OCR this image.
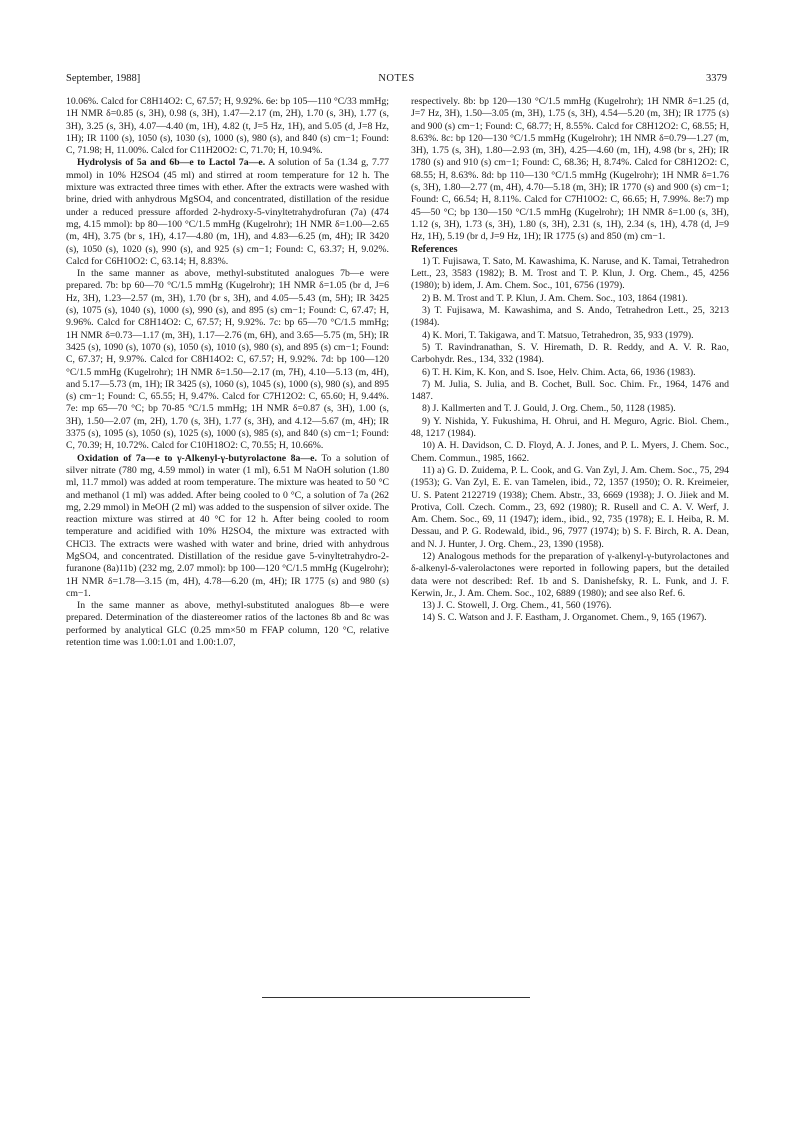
September, 1988]	NOTES	3379

10.06%. Calcd for C8H14O2: C, 67.57; H, 9.92%. 6e: bp 105—110 °C/33 mmHg; 1H NMR δ=0.85 (s, 3H), 0.98 (s, 3H), 1.47—2.17 (m, 2H), 1.70 (s, 3H), 1.77 (s, 3H), 3.25 (s, 3H), 4.07—4.40 (m, 1H), 4.82 (t, J=5 Hz, 1H), and 5.05 (d, J=8 Hz, 1H); IR 1100 (s), 1050 (s), 1030 (s), 1000 (s), 980 (s), and 840 (s) cm−1; Found: C, 71.98; H, 11.00%. Calcd for C11H20O2: C, 71.70; H, 10.94%.

Hydrolysis of 5a and 6b—e to Lactol 7a—e. A solution of 5a (1.34 g, 7.77 mmol) in 10% H2SO4 (45 ml) and stirred at room temperature for 12 h. The mixture was extracted three times with ether. After the extracts were washed with brine, dried with anhydrous MgSO4, and concentrated, distillation of the residue under a reduced pressure afforded 2-hydroxy-5-vinyltetrahydrofuran (7a) (474 mg, 4.15 mmol): bp 80—100 °C/1.5 mmHg (Kugelrohr); 1H NMR δ=1.00—2.65 (m, 4H), 3.75 (br s, 1H), 4.17—4.80 (m, 1H), and 4.83—6.25 (m, 4H); IR 3420 (s), 1050 (s), 1020 (s), 990 (s), and 925 (s) cm−1; Found: C, 63.37; H, 9.02%. Calcd for C6H10O2: C, 63.14; H, 8.83%.

In the same manner as above, methyl-substituted analogues 7b—e were prepared. 7b: bp 60—70 °C/1.5 mmHg (Kugelrohr); 1H NMR δ=1.05 (br d, J=6 Hz, 3H), 1.23—2.57 (m, 3H), 1.70 (br s, 3H), and 4.05—5.43 (m, 5H); IR 3425 (s), 1075 (s), 1040 (s), 1000 (s), 990 (s), and 895 (s) cm−1; Found: C, 67.47; H, 9.96%. Calcd for C8H14O2: C, 67.57; H, 9.92%. 7c: bp 65—70 °C/1.5 mmHg; 1H NMR δ=0.73—1.17 (m, 3H), 1.17—2.76 (m, 6H), and 3.65—5.75 (m, 5H); IR 3425 (s), 1090 (s), 1070 (s), 1050 (s), 1010 (s), 980 (s), and 895 (s) cm−1; Found: C, 67.37; H, 9.97%. Calcd for C8H14O2: C, 67.57; H, 9.92%. 7d: bp 100—120 °C/1.5 mmHg (Kugelrohr); 1H NMR δ=1.50—2.17 (m, 7H), 4.10—5.13 (m, 4H), and 5.17—5.73 (m, 1H); IR 3425 (s), 1060 (s), 1045 (s), 1000 (s), 980 (s), and 895 (s) cm−1; Found: C, 65.55; H, 9.47%. Calcd for C7H12O2: C, 65.60; H, 9.44%. 7e: mp 65—70 °C; bp 70-85 °C/1.5 mmHg; 1H NMR δ=0.87 (s, 3H), 1.00 (s, 3H), 1.50—2.07 (m, 2H), 1.70 (s, 3H), 1.77 (s, 3H), and 4.12—5.67 (m, 4H); IR 3375 (s), 1095 (s), 1050 (s), 1025 (s), 1000 (s), 985 (s), and 840 (s) cm−1; Found: C, 70.39; H, 10.72%. Calcd for C10H18O2: C, 70.55; H, 10.66%.

Oxidation of 7a—e to γ-Alkenyl-γ-butyrolactone 8a—e. To a solution of silver nitrate (780 mg, 4.59 mmol) in water (1 ml), 6.51 M NaOH solution (1.80 ml, 11.7 mmol) was added at room temperature. The mixture was heated to 50 °C and methanol (1 ml) was added. After being cooled to 0 °C, a solution of 7a (262 mg, 2.29 mmol) in MeOH (2 ml) was added to the suspension of silver oxide. The reaction mixture was stirred at 40 °C for 12 h. After being cooled to room temperature and acidified with 10% H2SO4, the mixture was extracted with CHCl3. The extracts were washed with water and brine, dried with anhydrous MgSO4, and concentrated. Distillation of the residue gave 5-vinyltetrahydro-2-furanone (8a)11b) (232 mg, 2.07 mmol): bp 100—120 °C/1.5 mmHg (Kugelrohr); 1H NMR δ=1.78—3.15 (m, 4H), 4.78—6.20 (m, 4H); IR 1775 (s) and 980 (s) cm−1.

In the same manner as above, methyl-substituted analogues 8b—e were prepared. Determination of the diastereomer ratios of the lactones 8b and 8c was performed by analytical GLC (0.25 mm×50 m FFAP column, 120 °C, relative retention time was 1.00:1.01 and 1.00:1.07,

respectively. 8b: bp 120—130 °C/1.5 mmHg (Kugelrohr); 1H NMR δ=1.25 (d, J=7 Hz, 3H), 1.50—3.05 (m, 3H), 1.75 (s, 3H), 4.54—5.20 (m, 3H); IR 1775 (s) and 900 (s) cm−1; Found: C, 68.77; H, 8.55%. Calcd for C8H12O2: C, 68.55; H, 8.63%. 8c: bp 120—130 °C/1.5 mmHg (Kugelrohr); 1H NMR δ=0.79—1.27 (m, 3H), 1.75 (s, 3H), 1.80—2.93 (m, 3H), 4.25—4.60 (m, 1H), 4.98 (br s, 2H); IR 1780 (s) and 910 (s) cm−1; Found: C, 68.36; H, 8.74%. Calcd for C8H12O2: C, 68.55; H, 8.63%. 8d: bp 110—130 °C/1.5 mmHg (Kugelrohr); 1H NMR δ=1.76 (s, 3H), 1.80—2.77 (m, 4H), 4.70—5.18 (m, 3H); IR 1770 (s) and 900 (s) cm−1; Found: C, 66.54; H, 8.11%. Calcd for C7H10O2: C, 66.65; H, 7.99%. 8e:7) mp 45—50 °C; bp 130—150 °C/1.5 mmHg (Kugelrohr); 1H NMR δ=1.00 (s, 3H), 1.12 (s, 3H), 1.73 (s, 3H), 1.80 (s, 3H), 2.31 (s, 1H), 2.34 (s, 1H), 4.78 (d, J=9 Hz, 1H), 5.19 (br d, J=9 Hz, 1H); IR 1775 (s) and 850 (m) cm−1.

References

1) T. Fujisawa, T. Sato, M. Kawashima, K. Naruse, and K. Tamai, Tetrahedron Lett., 23, 3583 (1982); B. M. Trost and T. P. Klun, J. Org. Chem., 45, 4256 (1980); b) idem, J. Am. Chem. Soc., 101, 6756 (1979).

2) B. M. Trost and T. P. Klun, J. Am. Chem. Soc., 103, 1864 (1981).

3) T. Fujisawa, M. Kawashima, and S. Ando, Tetrahedron Lett., 25, 3213 (1984).

4) K. Mori, T. Takigawa, and T. Matsuo, Tetrahedron, 35, 933 (1979).

5) T. Ravindranathan, S. V. Hiremath, D. R. Reddy, and A. V. R. Rao, Carbohydr. Res., 134, 332 (1984).

6) T. H. Kim, K. Kon, and S. Isoe, Helv. Chim. Acta, 66, 1936 (1983).

7) M. Julia, S. Julia, and B. Cochet, Bull. Soc. Chim. Fr., 1964, 1476 and 1487.

8) J. Kallmerten and T. J. Gould, J. Org. Chem., 50, 1128 (1985).

9) Y. Nishida, Y. Fukushima, H. Ohrui, and H. Meguro, Agric. Biol. Chem., 48, 1217 (1984).

10) A. H. Davidson, C. D. Floyd, A. J. Jones, and P. L. Myers, J. Chem. Soc., Chem. Commun., 1985, 1662.

11) a) G. D. Zuidema, P. L. Cook, and G. Van Zyl, J. Am. Chem. Soc., 75, 294 (1953); G. Van Zyl, E. E. van Tamelen, ibid., 72, 1357 (1950); O. R. Kreimeier, U. S. Patent 2122719 (1938); Chem. Abstr., 33, 6669 (1938); J. O. Jiiek and M. Protiva, Coll. Czech. Comm., 23, 692 (1980); R. Rusell and C. A. V. Werf, J. Am. Chem. Soc., 69, 11 (1947); idem., ibid., 92, 735 (1978); E. I. Heiba, R. M. Dessau, and P. G. Rodewald, ibid., 96, 7977 (1974); b) S. F. Birch, R. A. Dean, and N. J. Hunter, J. Org. Chem., 23, 1390 (1958).

12) Analogous methods for the preparation of γ-alkenyl-γ-butyrolactones and δ-alkenyl-δ-valerolactones were reported in following papers, but the detailed data were not described: Ref. 1b and S. Danishefsky, R. L. Funk, and J. F. Kerwin, Jr., J. Am. Chem. Soc., 102, 6889 (1980); and see also Ref. 6.

13) J. C. Stowell, J. Org. Chem., 41, 560 (1976).

14) S. C. Watson and J. F. Eastham, J. Organomet. Chem., 9, 165 (1967).
